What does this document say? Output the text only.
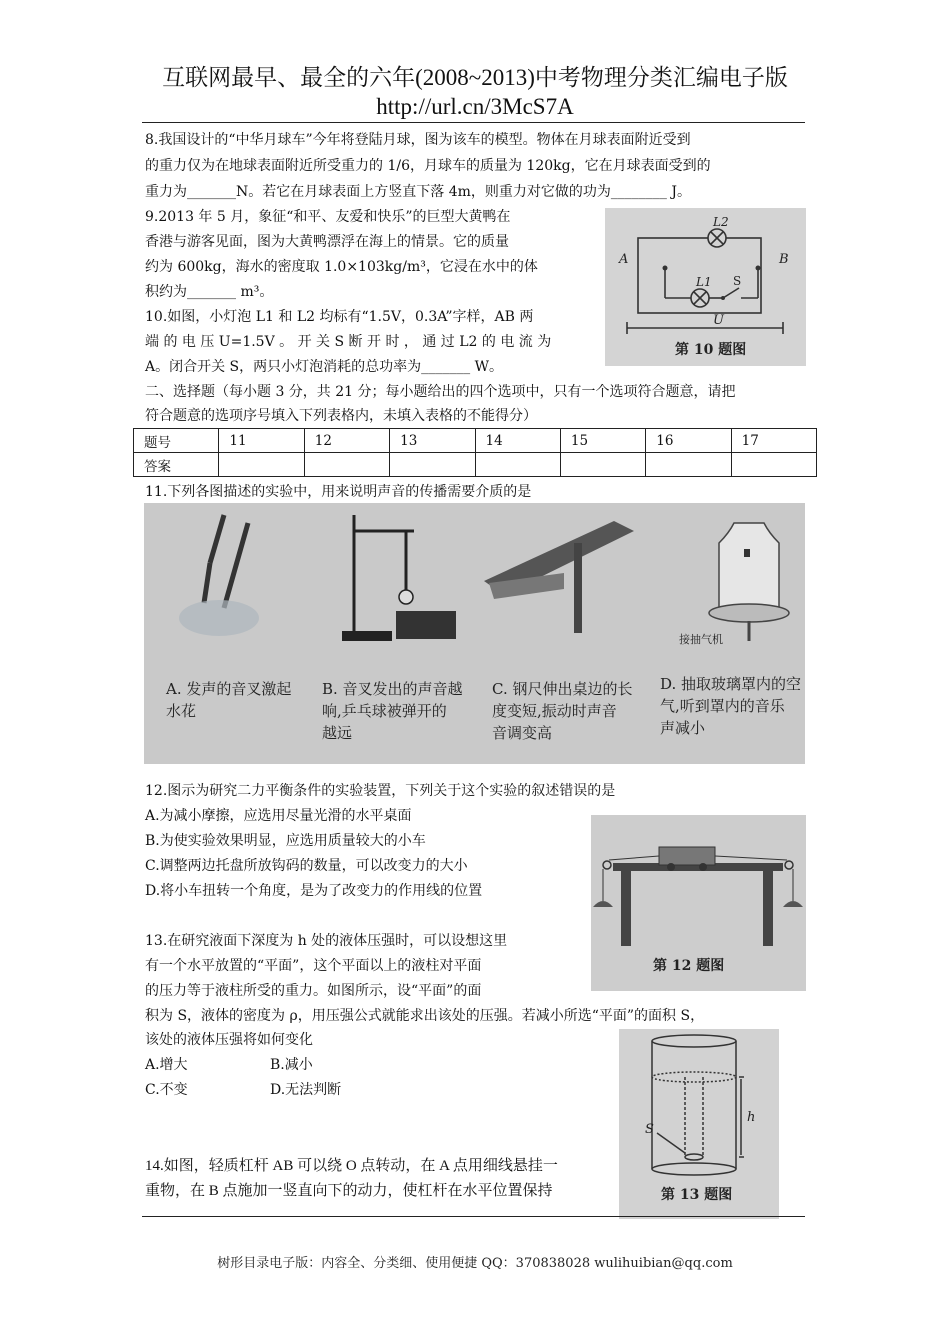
互联网最早、最全的六年(2008~2013)中考物理分类汇编电子版
http://url.cn/3McS7A
8.我国设计的“中华月球车”今年将登陆月球，图为该车的模型。物体在月球表面附近受到
的重力仅为在地球表面附近所受重力的 1/6，月球车的质量为 120kg，它在月球表面受到的
重力为_______N。若它在月球表面上方竖直下落 4m，则重力对它做的功为________ J。
9.2013 年 5 月，象征“和平、友爱和快乐”的巨型大黄鸭在
香港与游客见面，图为大黄鸭漂浮在海上的情景。它的质量
约为 600kg，海水的密度取 1.0×103kg/m³，它浸在水中的体
积约为_______ m³。
10.如图，小灯泡 L1 和 L2 均标有“1.5V，0.3A”字样，AB 两
端 的 电 压 U=1.5V 。 开 关 S 断 开 时 ， 通 过 L2 的 电 流 为
A。闭合开关 S，两只小灯泡消耗的总功率为_______ W。
L2
L1
A	B
S
U
第 10 题图
二、选择题（每小题 3 分，共 21 分；每小题给出的四个选项中，只有一个选项符合题意，请把
符合题意的选项序号填入下列表格内，未填入表格的不能得分）
题号	11	12	13	14	15	16	17
答案							
11.下列各图描述的实验中，用来说明声音的传播需要介质的是
接抽气机
A. 发声的音叉激起
水花
B. 音叉发出的声音越
响,乒乓球被弹开的
越远
C. 钢尺伸出桌边的长
度变短,振动时声音
音调变高
D. 抽取玻璃罩内的空
气,听到罩内的音乐
声减小
12.图示为研究二力平衡条件的实验装置，下列关于这个实验的叙述错误的是
A.为减小摩擦，应选用尽量光滑的水平桌面
B.为使实验效果明显，应选用质量较大的小车
C.调整两边托盘所放钩码的数量，可以改变力的大小
D.将小车扭转一个角度，是为了改变力的作用线的位置
第 12 题图
13.在研究液面下深度为 h 处的液体压强时，可以设想这里
有一个水平放置的“平面”，这个平面以上的液柱对平面
的压力等于液柱所受的重力。如图所示，设“平面”的面
积为 S，液体的密度为 ρ，用压强公式就能求出该处的压强。若减小所选“平面”的面积 S，
该处的液体压强将如何变化
A.增大	B.减小
C.不变	D.无法判断
h
S
第 13 题图
14.如图，轻质杠杆 AB 可以绕 O 点转动，在 A 点用细线悬挂一
重物，在 B 点施加一竖直向下的动力，使杠杆在水平位置保持
树形目录电子版：内容全、分类细、使用便捷 QQ：370838028 wulihuibian@qq.com
